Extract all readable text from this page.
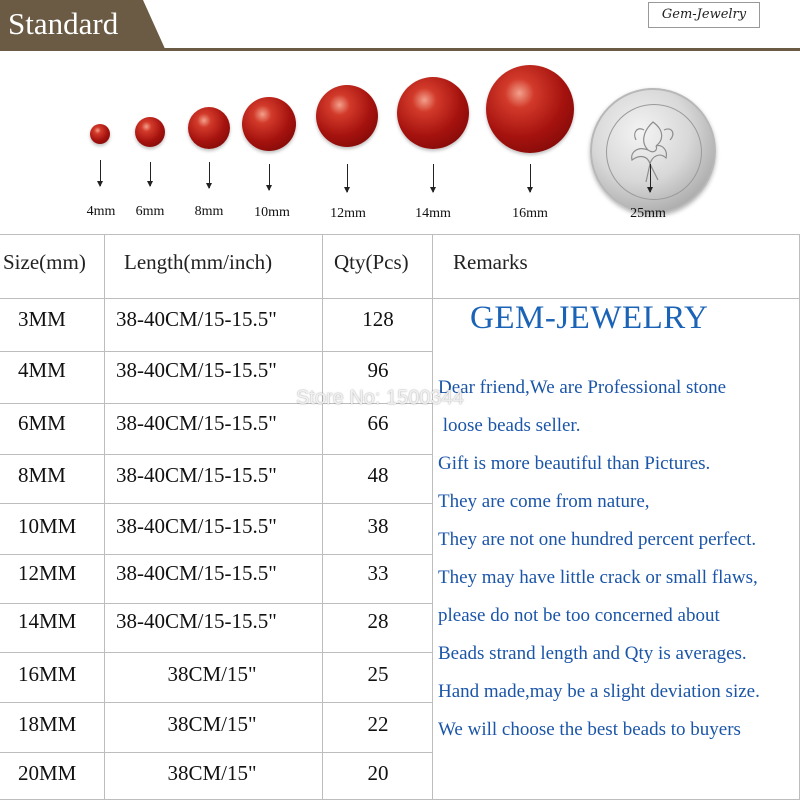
Standard	Gem-Jewelry
4mm 6mm 8mm 10mm	12mm	14mm	16mm	25mm
Size(mm) Length(mm/inch)	Qty(Pcs) Remarks
3MM 38-40CM/15-15.5"	128
4MM 38-40CM/15-15.5"	96
6MM 38-40CM/15-15.5"	66
8MM 38-40CM/15-15.5"	48
10MM 38-40CM/15-15.5"	38
12MM 38-40CM/15-15.5"	33
14MM 38-40CM/15-15.5"	28
16MM	38CM/15"	25
18MM	38CM/15"	22
20MM	38CM/15"	20
GEM-JEWELRY
Dear friend,We are Professional stone
loose beads seller.
Gift is more beautiful than Pictures.
They are come from nature,
They are not one hundred percent perfect.
They may have little crack or small flaws,
please do not be too concerned about
Beads strand length and Qty is averages.
Hand made,may be a slight deviation size.
We will choose the best beads to buyers
Store No: 1500344
